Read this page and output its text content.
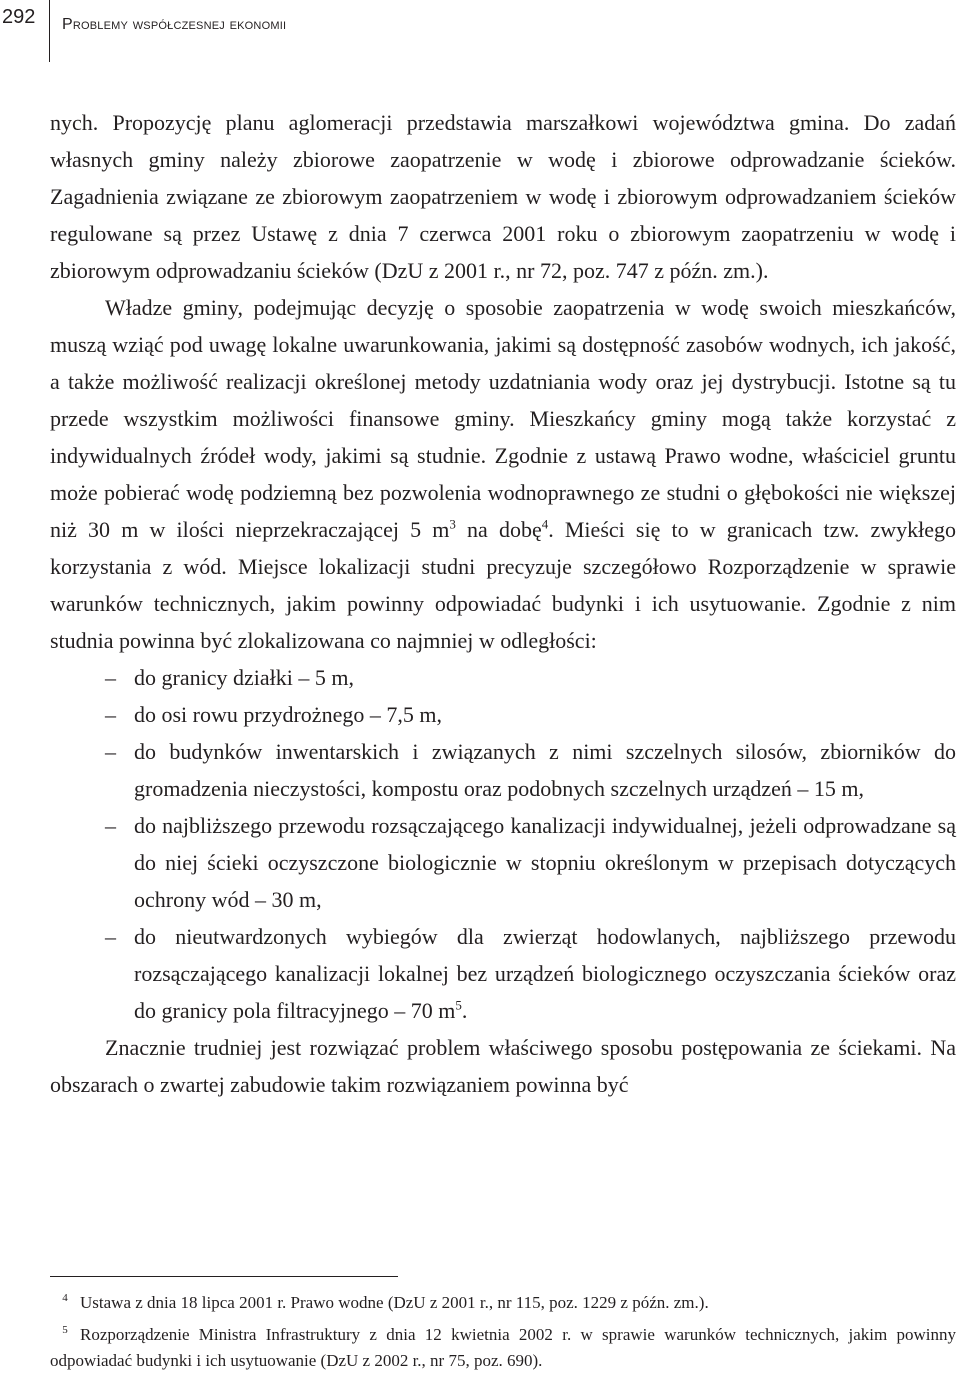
292	Problemy współczesnej ekonomii

nych. Propozycję planu aglomeracji przedstawia marszałkowi województwa gmina. Do zadań własnych gminy należy zbiorowe zaopatrzenie w wodę i zbiorowe odprowadzanie ścieków. Zagadnienia związane ze zbiorowym zaopatrzeniem w wodę i zbiorowym odprowadzaniem ścieków regulowane są przez Ustawę z dnia 7 czerwca 2001 roku o zbiorowym zaopatrzeniu w wodę i zbiorowym odprowadzaniu ścieków (DzU z 2001 r., nr 72, poz. 747 z późn. zm.).

Władze gminy, podejmując decyzję o sposobie zaopatrzenia w wodę swoich mieszkańców, muszą wziąć pod uwagę lokalne uwarunkowania, jakimi są dostępność zasobów wodnych, ich jakość, a także możliwość realizacji określonej metody uzdatniania wody oraz jej dystrybucji. Istotne są tu przede wszystkim możliwości finansowe gminy. Mieszkańcy gminy mogą także korzystać z indywidualnych źródeł wody, jakimi są studnie. Zgodnie z ustawą Prawo wodne, właściciel gruntu może pobierać wodę podziemną bez pozwolenia wodnoprawnego ze studni o głębokości nie większej niż 30 m w ilości nieprzekraczającej 5 $m^3$ na dobę$^4$. Mieści się to w granicach tzw. zwykłego korzystania z wód. Miejsce lokalizacji studni precyzuje szczegółowo Rozporządzenie w sprawie warunków technicznych, jakim powinny odpowiadać budynki i ich usytuowanie. Zgodnie z nim studnia powinna być zlokalizowana co najmniej w odległości:

– do granicy działki – 5 m,
– do osi rowu przydrożnego – 7,5 m,
– do budynków inwentarskich i związanych z nimi szczelnych silosów, zbiorników do gromadzenia nieczystości, kompostu oraz podobnych szczelnych urządzeń – 15 m,
– do najbliższego przewodu rozsączającego kanalizacji indywidualnej, jeżeli odprowadzane są do niej ścieki oczyszczone biologicznie w stopniu określonym w przepisach dotyczących ochrony wód – 30 m,
– do nieutwardzonych wybiegów dla zwierząt hodowlanych, najbliższego przewodu rozsączającego kanalizacji lokalnej bez urządzeń biologicznego oczyszczania ścieków oraz do granicy pola filtracyjnego – 70 $m^5$.

Znacznie trudniej jest rozwiązać problem właściwego sposobu postępowania ze ściekami. Na obszarach o zwartej zabudowie takim rozwiązaniem powinna być

4 Ustawa z dnia 18 lipca 2001 r. Prawo wodne (DzU z 2001 r., nr 115, poz. 1229 z późn. zm.).

5 Rozporządzenie Ministra Infrastruktury z dnia 12 kwietnia 2002 r. w sprawie warunków technicznych, jakim powinny odpowiadać budynki i ich usytuowanie (DzU z 2002 r., nr 75, poz. 690).
